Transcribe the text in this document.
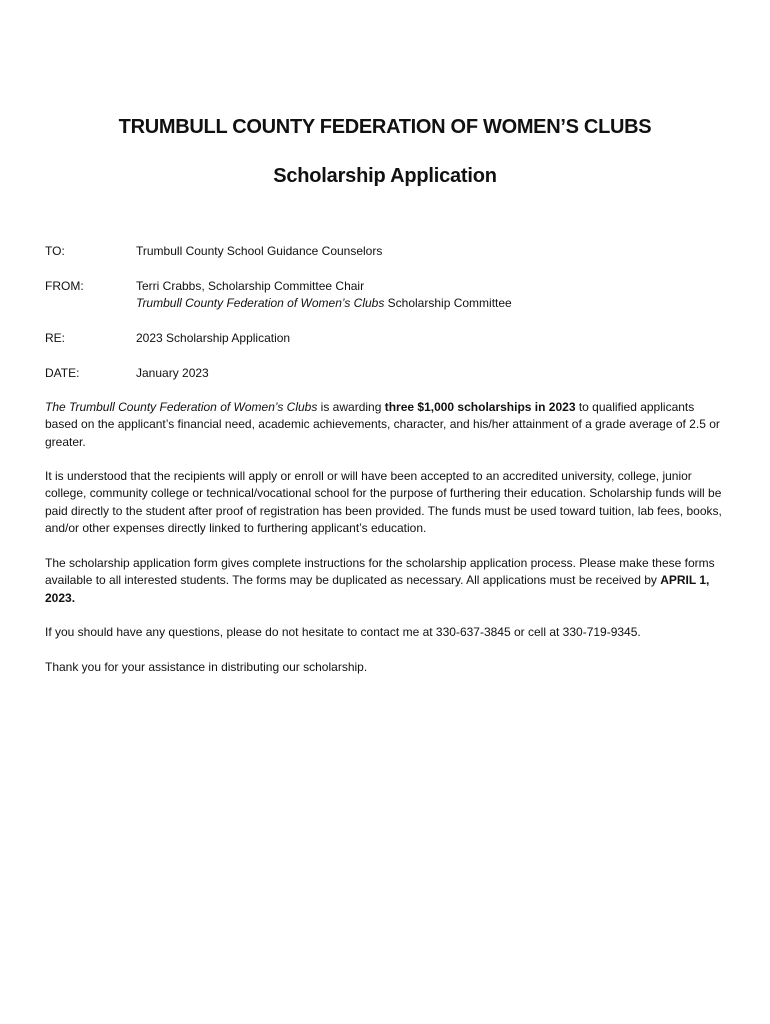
TRUMBULL COUNTY FEDERATION OF WOMEN’S CLUBS
Scholarship Application
TO:	Trumbull County School Guidance Counselors
FROM:	Terri Crabbs, Scholarship Committee Chair
Trumbull County Federation of Women’s Clubs Scholarship Committee
RE:	2023 Scholarship Application
DATE:	January 2023

The Trumbull County Federation of Women’s Clubs is awarding three $1,000 scholarships in 2023 to qualified applicants based on the applicant’s financial need, academic achievements, character, and his/her attainment of a grade average of 2.5 or greater.

It is understood that the recipients will apply or enroll or will have been accepted to an accredited university, college, junior college, community college or technical/vocational school for the purpose of furthering their education. Scholarship funds will be paid directly to the student after proof of registration has been provided. The funds must be used toward tuition, lab fees, books, and/or other expenses directly linked to furthering applicant’s education.

The scholarship application form gives complete instructions for the scholarship application process. Please make these forms available to all interested students. The forms may be duplicated as necessary. All applications must be received by APRIL 1, 2023.

If you should have any questions, please do not hesitate to contact me at 330-637-3845 or cell at 330-719-9345.

Thank you for your assistance in distributing our scholarship.
